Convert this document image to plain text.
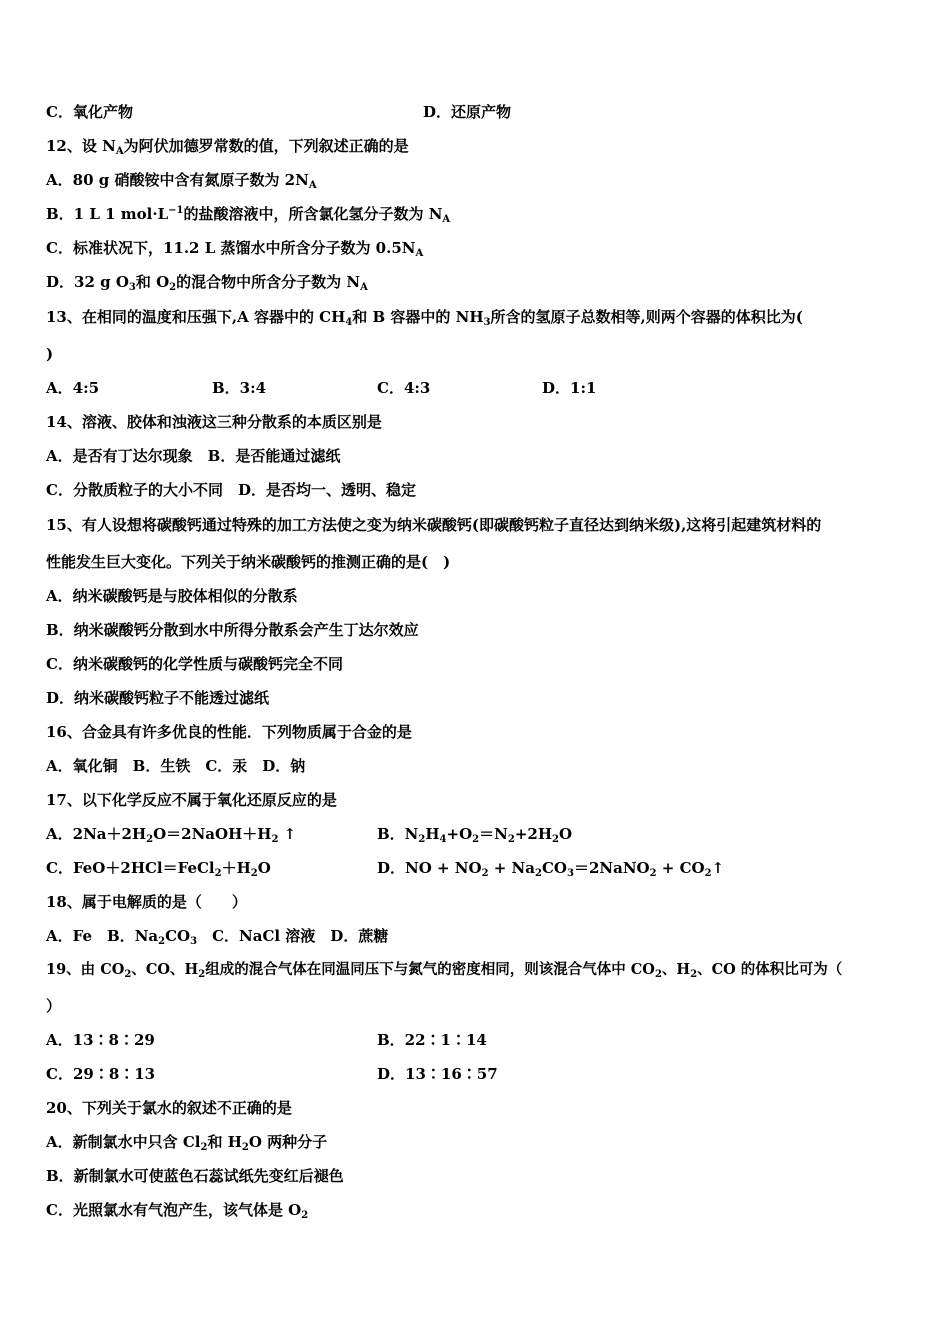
C．氧化产物	D．还原产物
12、设 $N_A$为阿伏加德罗常数的值，下列叙述正确的是
A．80 g 硝酸铵中含有氮原子数为 $2N_A$
B．1 L 1 $mol\cdot L^{-1}$的盐酸溶液中，所含氯化氢分子数为 $N_A$
C．标准状况下，11.2 L 蒸馏水中所含分子数为 $0.5N_A$
D．32 g $O_3$和 $O_2$的混合物中所含分子数为 $N_A$
13、在相同的温度和压强下,A 容器中的 $CH_4$和 B 容器中的 $NH_3$所含的氢原子总数相等,则两个容器的体积比为(
)
A．4:5	B．3:4	C．4:3	D．1:1
14、溶液、胶体和浊液这三种分散系的本质区别是
A．是否有丁达尔现象　B．是否能通过滤纸
C．分散质粒子的大小不同　D．是否均一、透明、稳定
15、有人设想将碳酸钙通过特殊的加工方法使之变为纳米碳酸钙(即碳酸钙粒子直径达到纳米级),这将引起建筑材料的
性能发生巨大变化。下列关于纳米碳酸钙的推测正确的是(　)
A．纳米碳酸钙是与胶体相似的分散系
B．纳米碳酸钙分散到水中所得分散系会产生丁达尔效应
C．纳米碳酸钙的化学性质与碳酸钙完全不同
D．纳米碳酸钙粒子不能透过滤纸
16、合金具有许多优良的性能．下列物质属于合金的是
A．氧化铜　B．生铁　C．汞　D．钠
17、以下化学反应不属于氧化还原反应的是
A．$2Na+2H_2O=2NaOH+H_2$ ↑	B．$N_2H_4+O_2=N_2+2H_2O$
C．$FeO+2HCl=FeCl_2+H_2O$	D．NO + $NO_2$ + $Na_2CO_3=2NaNO_2$ + $CO_2↑$
18、属于电解质的是（　　）
A．Fe　B．$Na_2CO_3$　C．NaCl 溶液　D．蔗糖
19、由 $CO_2$、CO、$H_2$组成的混合气体在同温同压下与氮气的密度相同，则该混合气体中 $CO_2$、$H_2$、CO 的体积比可为（
）
A．13∶8∶29	B．22∶1∶14
C．29∶8∶13	D．13∶16∶57
20、下列关于氯水的叙述不正确的是
A．新制氯水中只含 $Cl_2$和 $H_2O$ 两种分子
B．新制氯水可使蓝色石蕊试纸先变红后褪色
C．光照氯水有气泡产生，该气体是 $O_2$
